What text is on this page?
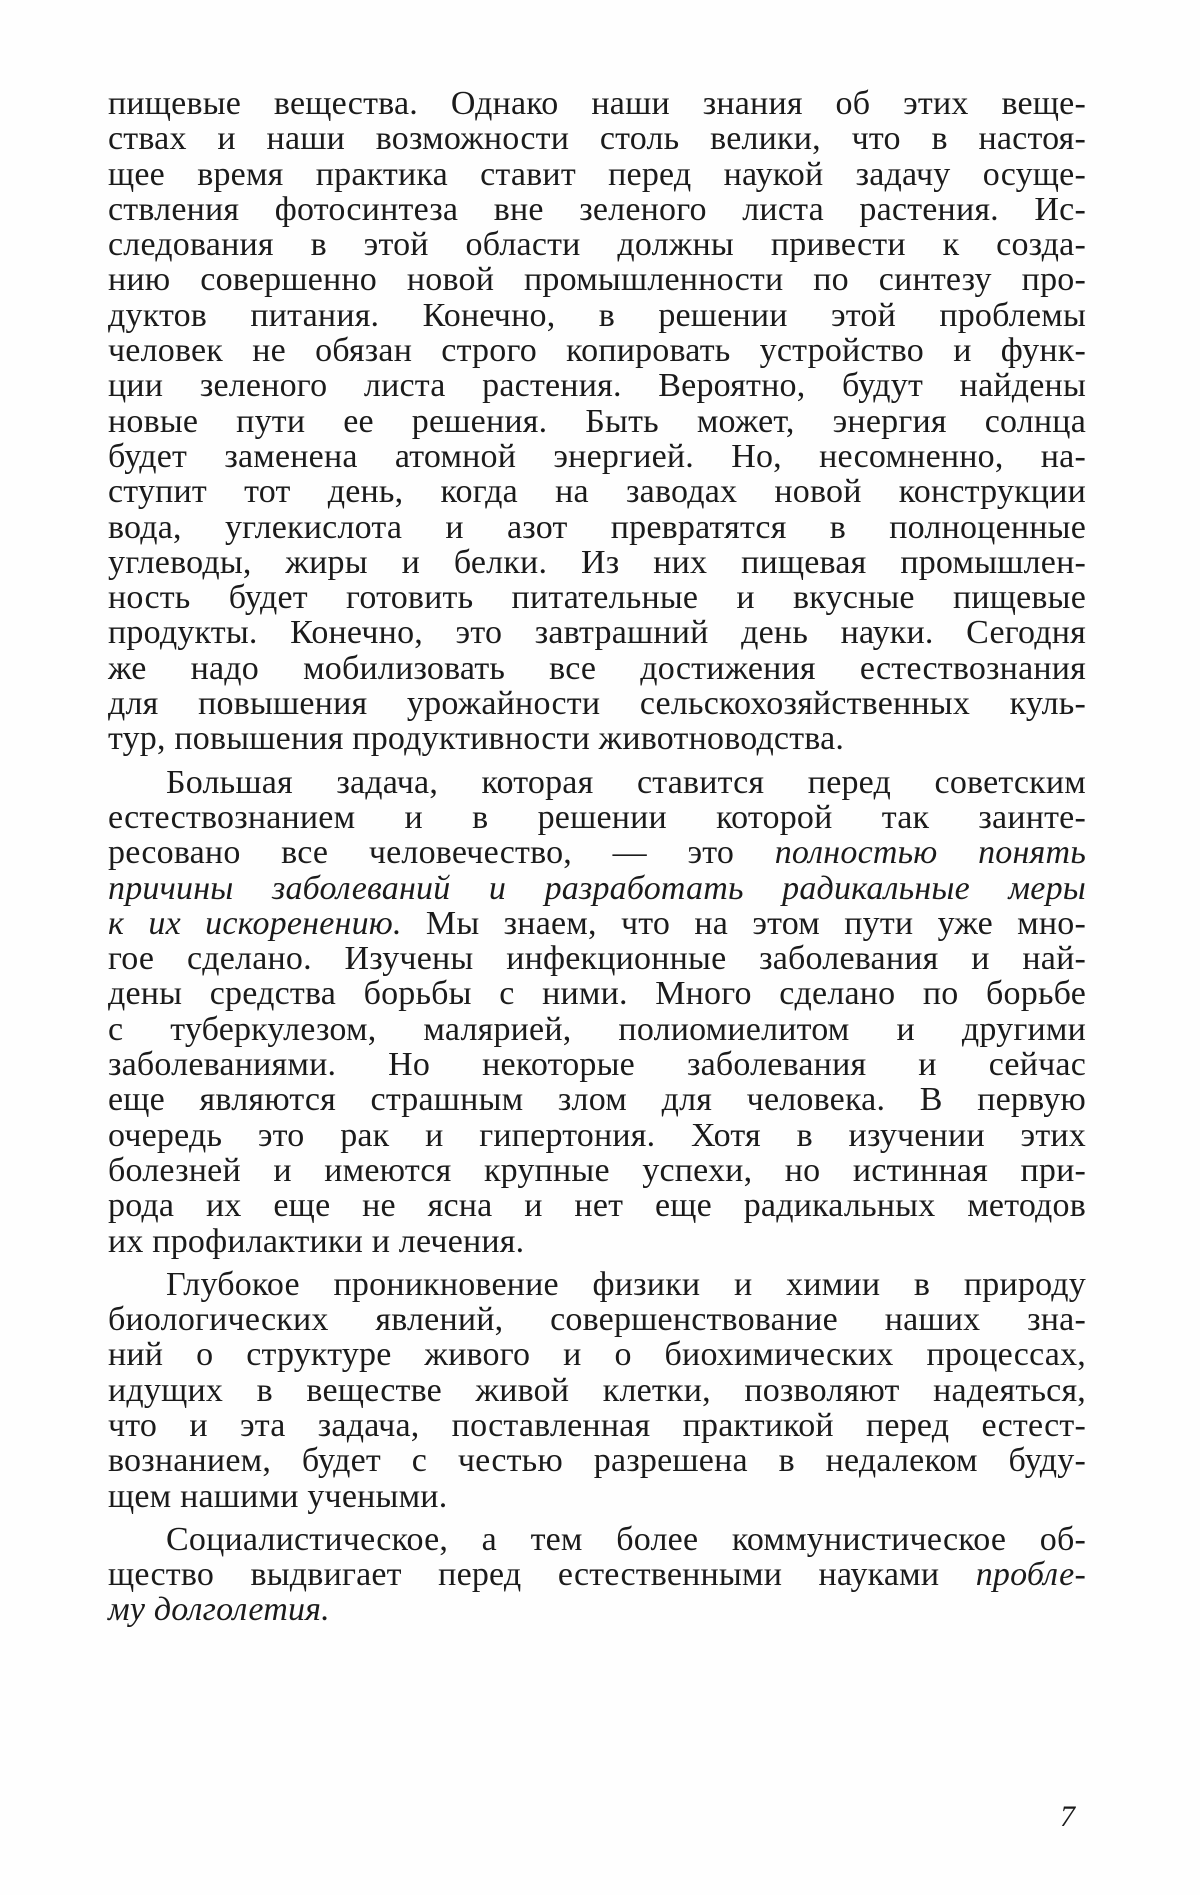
пищевые вещества. Однако наши знания об этих веще-
ствах и наши возможности столь велики, что в настоя-
щее время практика ставит перед наукой задачу осуще-
ствления фотосинтеза вне зеленого листа растения. Ис-
следования в этой области должны привести к созда-
нию совершенно новой промышленности по синтезу про-
дуктов питания. Конечно, в решении этой проблемы
человек не обязан строго копировать устройство и функ-
ции зеленого листа растения. Вероятно, будут найдены
новые пути ее решения. Быть может, энергия солнца
будет заменена атомной энергией. Но, несомненно, на-
ступит тот день, когда на заводах новой конструкции
вода, углекислота и азот превратятся в полноценные
углеводы, жиры и белки. Из них пищевая промышлен-
ность будет готовить питательные и вкусные пищевые
продукты. Конечно, это завтрашний день науки. Сегодня
же надо мобилизовать все достижения естествознания
для повышения урожайности сельскохозяйственных куль-
тур, повышения продуктивности животноводства.
Большая задача, которая ставится перед советским
естествознанием и в решении которой так заинте-
ресовано все человечество, — это полностью понять
причины заболеваний и разработать радикальные меры
к их искоренению. Мы знаем, что на этом пути уже мно-
гое сделано. Изучены инфекционные заболевания и най-
дены средства борьбы с ними. Много сделано по борьбе
с туберкулезом, малярией, полиомиелитом и другими
заболеваниями. Но некоторые заболевания и сейчас
еще являются страшным злом для человека. В первую
очередь это рак и гипертония. Хотя в изучении этих
болезней и имеются крупные успехи, но истинная при-
рода их еще не ясна и нет еще радикальных методов
их профилактики и лечения.
Глубокое проникновение физики и химии в природу
биологических явлений, совершенствование наших зна-
ний о структуре живого и о биохимических процессах,
идущих в веществе живой клетки, позволяют надеяться,
что и эта задача, поставленная практикой перед естест-
вознанием, будет с честью разрешена в недалеком буду-
щем нашими учеными.
Социалистическое, а тем более коммунистическое об-
щество выдвигает перед естественными науками пробле-
му долголетия.
7
